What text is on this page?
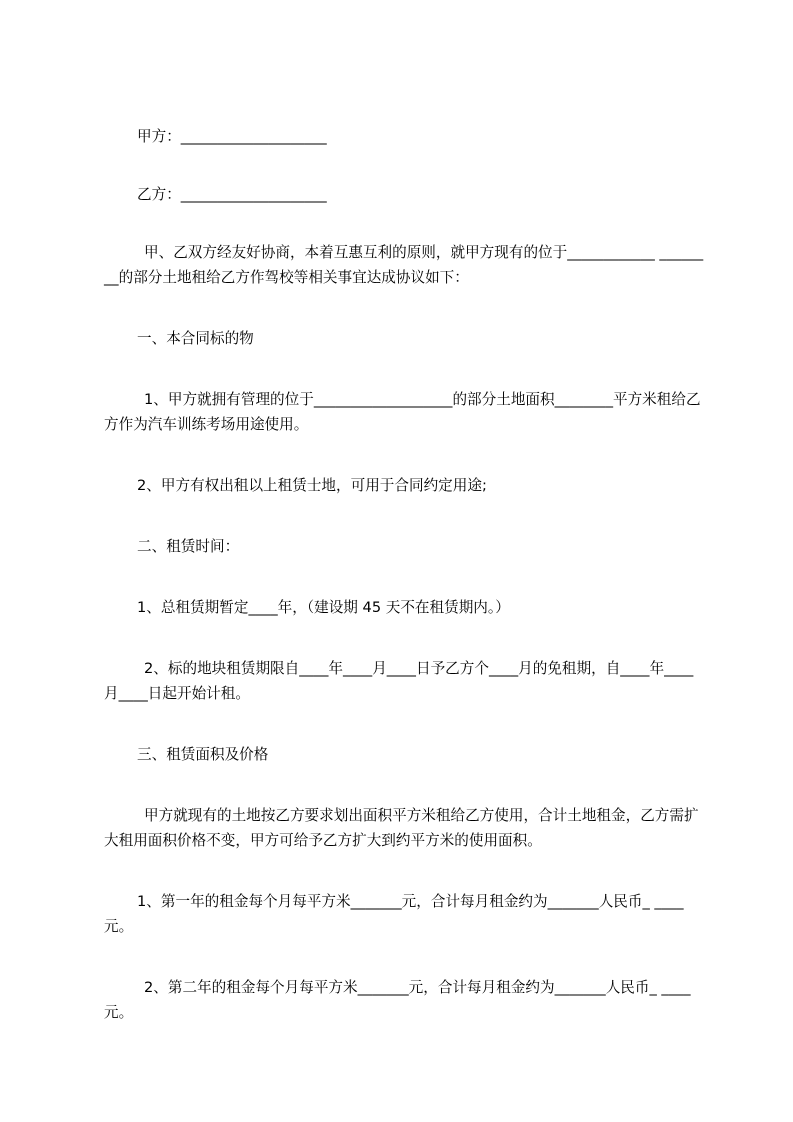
甲方：____________________

乙方：____________________

甲、乙双方经友好协商，本着互惠互利的原则，就甲方现有的位于____________ ________的部分土地租给乙方作驾校等相关事宜达成协议如下：

一、本合同标的物

1、甲方就拥有管理的位于___________________的部分土地面积________平方米租给乙方作为汽车训练考场用途使用。

2、甲方有权出租以上租赁士地，可用于合同约定用途;

二、租赁时间：

1、总租赁期暂定____年，（建设期 45 天不在租赁期内。）

2、标的地块租赁期限自____年____月____日予乙方个____月的免租期，自____年____月____日起开始计租。

三、租赁面积及价格

甲方就现有的土地按乙方要求划出面积平方米租给乙方使用，合计土地租金，乙方需扩大租用面积价格不变，甲方可给予乙方扩大到约平方米的使用面积。

1、第一年的租金每个月每平方米_______元，合计每月租金约为_______人民币_ ____元。

2、第二年的租金每个月每平方米_______元，合计每月租金约为_______人民币_ ____元。
